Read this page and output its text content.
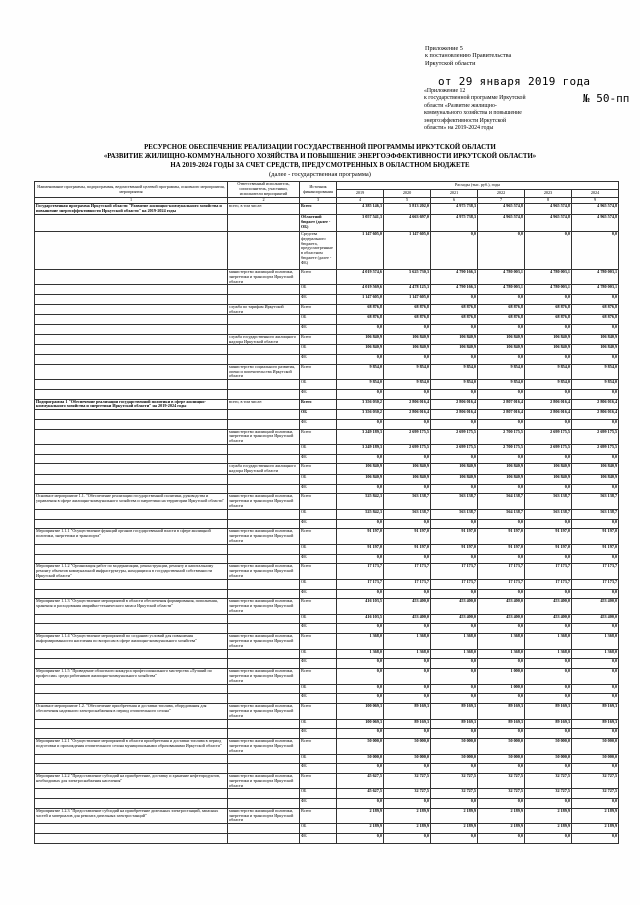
Приложение 5
к постановлению Правительства
Иркутской области
от 29 января 2019 года
№ 50-пп
«Приложение 12
к государственной программе Иркутской
области «Развитие жилищно-
коммунального хозяйства и повышение
энергоэффективности Иркутской
области» на 2019-2024 годы
РЕСУРСНОЕ ОБЕСПЕЧЕНИЕ РЕАЛИЗАЦИИ ГОСУДАРСТВЕННОЙ ПРОГРАММЫ ИРКУТСКОЙ ОБЛАСТИ
«РАЗВИТИЕ ЖИЛИЩНО-КОММУНАЛЬНОГО ХОЗЯЙСТВА И ПОВЫШЕНИЕ ЭНЕРГОЭФФЕКТИВНОСТИ ИРКУТСКОЙ ОБЛАСТИ»
НА 2019-2024 ГОДЫ ЗА СЧЕТ СРЕДСТВ, ПРЕДУСМОТРЕННЫХ В ОБЛАСТНОМ БЮДЖЕТЕ
(далее - государственная программа)
Наименование программы, подпрограммы, ведомственной целевой программы, основного мероприятия, мероприятия	Ответственный исполнитель, соисполнитель, участники, исполнители мероприятий	Источник финансирования	Расходы (тыс. руб.), годы					
			2019	2020	2021	2022	2023	2024
1	2	3	4	5	6	7	8	9
Государственная программа Иркутской области "Развитие жилищно-коммунального хозяйства и повышение энергоэффективности Иркутской области" на 2019-2024 годы	всего, в том числе:	Всего	4 385 146,3	5 813 202,0	4 975 738,3	4 965 574,8	4 965 574,8	4 965 574,8
		Областной бюджет (далее - ОБ)	3 057 541,3	4 663 697,0	4 975 738,3	4 965 574,8	4 965 574,8	4 965 574,8
		Средства федерального бюджета, предусмотренные в областном бюджете (далее - ФБ)	1 147 605,0	1 147 605,0	0,0	0,0	0,0	0,0
	министерство жилищной политики, энергетики и транспорта Иркутской области	Всего	4 019 574,6	5 625 730,3	4 790 166,3	4 780 003,1	4 780 003,1	4 780 003,1
		ОБ	4 019 569,6	4 478 125,3	4 790 166,3	4 780 003,1	4 780 003,1	4 780 003,1
		ФБ	1 147 605,0	1 147 605,0	0,0	0,0	0,0	0,0
	служба по тарифам Иркутской области	Всего	68 876,8	68 876,8	68 876,8	68 876,8	68 876,8	68 876,8
		ОБ	68 876,8	68 876,8	68 876,8	68 876,8	68 876,8	68 876,8
		ФБ	0,0	0,0	0,0	0,0	0,0	0,0
	служба государственного жилищного надзора Иркутской области	Всего	106 840,9	106 840,9	106 840,9	106 840,9	106 840,9	106 840,9
		ОБ	106 840,9	106 840,9	106 840,9	106 840,9	106 840,9	106 840,9
		ФБ	0,0	0,0	0,0	0,0	0,0	0,0
	министерство социального развития, опеки и попечительства Иркутской области	Всего	9 854,0	9 854,0	9 854,0	9 854,0	9 854,0	9 854,0
		ОБ	9 854,0	9 854,0	9 854,0	9 854,0	9 854,0	9 854,0
		ФБ	0,0	0,0	0,0	0,0	0,0	0,0
Подпрограмма 1 "Обеспечение реализации государственной политики в сфере жилищно-коммунального хозяйства и энергетики Иркутской области" на 2019-2024 годы	всего, в том числе:	Всего	3 356 030,2	2 806 016,4	2 806 016,4	2 807 016,4	2 806 016,4	2 806 016,4
		ОБ	3 356 030,2	2 806 016,4	2 806 016,4	2 807 016,4	2 806 016,4	2 806 016,4
		ФБ	0,0	0,0	0,0	0,0	0,0	0,0
	министерство жилищной политики, энергетики и транспорта Иркутской области	Всего	3 249 189,3	2 699 175,5	2 699 175,5	2 700 175,5	2 699 175,5	2 699 175,5
		ОБ	3 249 189,3	2 699 175,5	2 699 175,5	2 700 175,5	2 699 175,5	2 699 175,5
		ФБ	0,0	0,0	0,0	0,0	0,0	0,0
	служба государственного жилищного надзора Иркутской области	Всего	106 840,9	106 840,9	106 840,9	106 840,9	106 840,9	106 840,9
		ОБ	106 840,9	106 840,9	106 840,9	106 840,9	106 840,9	106 840,9
		ФБ	0,0	0,0	0,0	0,0	0,0	0,0
Основное мероприятие 1.1. "Обеспечение реализации государственной политики, руководства и управления в сфере жилищно-коммунального хозяйства и энергетики на территории Иркутской области"	министерство жилищной политики, энергетики и транспорта Иркутской области	Всего	525 842,3	563 138,7	563 138,7	564 138,7	563 138,7	563 138,7
		ОБ	525 842,3	563 138,7	563 138,7	564 138,7	563 138,7	563 138,7
		ФБ	0,0	0,0	0,0	0,0	0,0	0,0
Мероприятие 1.1.1 "Осуществление функций органов государственной власти в сфере жилищной политики, энергетики и транспорта"	министерство жилищной политики, энергетики и транспорта Иркутской области	Всего	91 197,0	91 197,0	91 197,0	91 197,0	91 197,0	91 197,0
		ОБ	91 197,0	91 197,0	91 197,0	91 197,0	91 197,0	91 197,0
		ФБ	0,0	0,0	0,0	0,0	0,0	0,0
Мероприятие 1.1.2 "Организация работ по модернизации, реконструкции, ремонту и капитальному ремонту объектов коммунальной инфраструктуры, находящихся в государственной собственности Иркутской области"	министерство жилищной политики, энергетики и транспорта Иркутской области	Всего	17 173,7	17 173,7	17 173,7	17 173,7	17 173,7	17 173,7
		ОБ	17 173,7	17 173,7	17 173,7	17 173,7	17 173,7	17 173,7
		ФБ	0,0	0,0	0,0	0,0	0,0	0,0
Мероприятие 1.1.3 "Осуществление мероприятий в области обеспечения формирования, пополнения, хранения и расходования аварийно-технического запаса Иркутской области"	министерство жилищной политики, энергетики и транспорта Иркутской области	Всего	416 103,5	453 400,0	453 400,0	453 400,0	453 400,0	453 400,0
		ОБ	416 103,5	453 400,0	453 400,0	453 400,0	453 400,0	453 400,0
		ФБ	0,0	0,0	0,0	0,0	0,0	0,0
Мероприятие 1.1.4 "Осуществление мероприятий по созданию условий для повышения информированности населения по вопросам в сфере жилищно-коммунального хозяйства"	министерство жилищной политики, энергетики и транспорта Иркутской области	Всего	1 368,0	1 368,0	1 368,0	1 368,0	1 368,0	1 368,0
		ОБ	1 368,0	1 368,0	1 368,0	1 368,0	1 368,0	1 368,0
		ФБ	0,0	0,0	0,0	0,0	0,0	0,0
Мероприятие 1.1.5 "Проведение областного конкурса профессионального мастерства «Лучший по профессии» среди работников жилищно-коммунального хозяйства"	министерство жилищной политики, энергетики и транспорта Иркутской области	Всего	0,0	0,0	0,0	1 000,0	0,0	0,0
		ОБ	0,0	0,0	0,0	1 000,0	0,0	0,0
		ФБ	0,0	0,0	0,0	0,0	0,0	0,0
Основное мероприятие 1.2. "Обеспечение приобретения и доставки топлива, оборудования для обеспечения надежного электроснабжения в период отопительного сезона"	министерство жилищной политики, энергетики и транспорта Иркутской области	Всего	100 069,3	89 169,3	89 169,3	89 169,3	89 169,3	89 169,3
		ОБ	100 069,3	89 169,3	89 169,3	89 169,3	89 169,3	89 169,3
		ФБ	0,0	0,0	0,0	0,0	0,0	0,0
Мероприятие 1.2.1 "Осуществление мероприятий в области приобретения и доставки топлива в период подготовки и прохождения отопительного сезона муниципальными образованиями Иркутской области"	министерство жилищной политики, энергетики и транспорта Иркутской области	Всего	50 000,0	50 000,0	50 000,0	50 000,0	50 000,0	50 000,0
		ОБ	50 000,0	50 000,0	50 000,0	50 000,0	50 000,0	50 000,0
		ФБ	0,0	0,0	0,0	0,0	0,0	0,0
Мероприятие 1.2.2 "Предоставление субсидий на приобретение, доставку и хранение нефтепродуктов, необходимых для электроснабжения населения"	министерство жилищной политики, энергетики и транспорта Иркутской области	Всего	45 627,5	32 727,5	32 727,5	32 727,5	32 727,5	32 727,5
		ОБ	45 627,5	32 727,5	32 727,5	32 727,5	32 727,5	32 727,5
		ФБ	0,0	0,0	0,0	0,0	0,0	0,0
Мероприятие 1.2.3 "Предоставление субсидий на приобретение дизельных электростанций, запасных частей и материалов для ремонта дизельных электростанций"	министерство жилищной политики, энергетики и транспорта Иркутской области	Всего	2 189,9	2 189,9	2 189,9	2 189,9	2 189,9	2 189,9
		ОБ	2 189,9	2 189,9	2 189,9	2 189,9	2 189,9	2 189,9
		ФБ	0,0	0,0	0,0	0,0	0,0	0,0
